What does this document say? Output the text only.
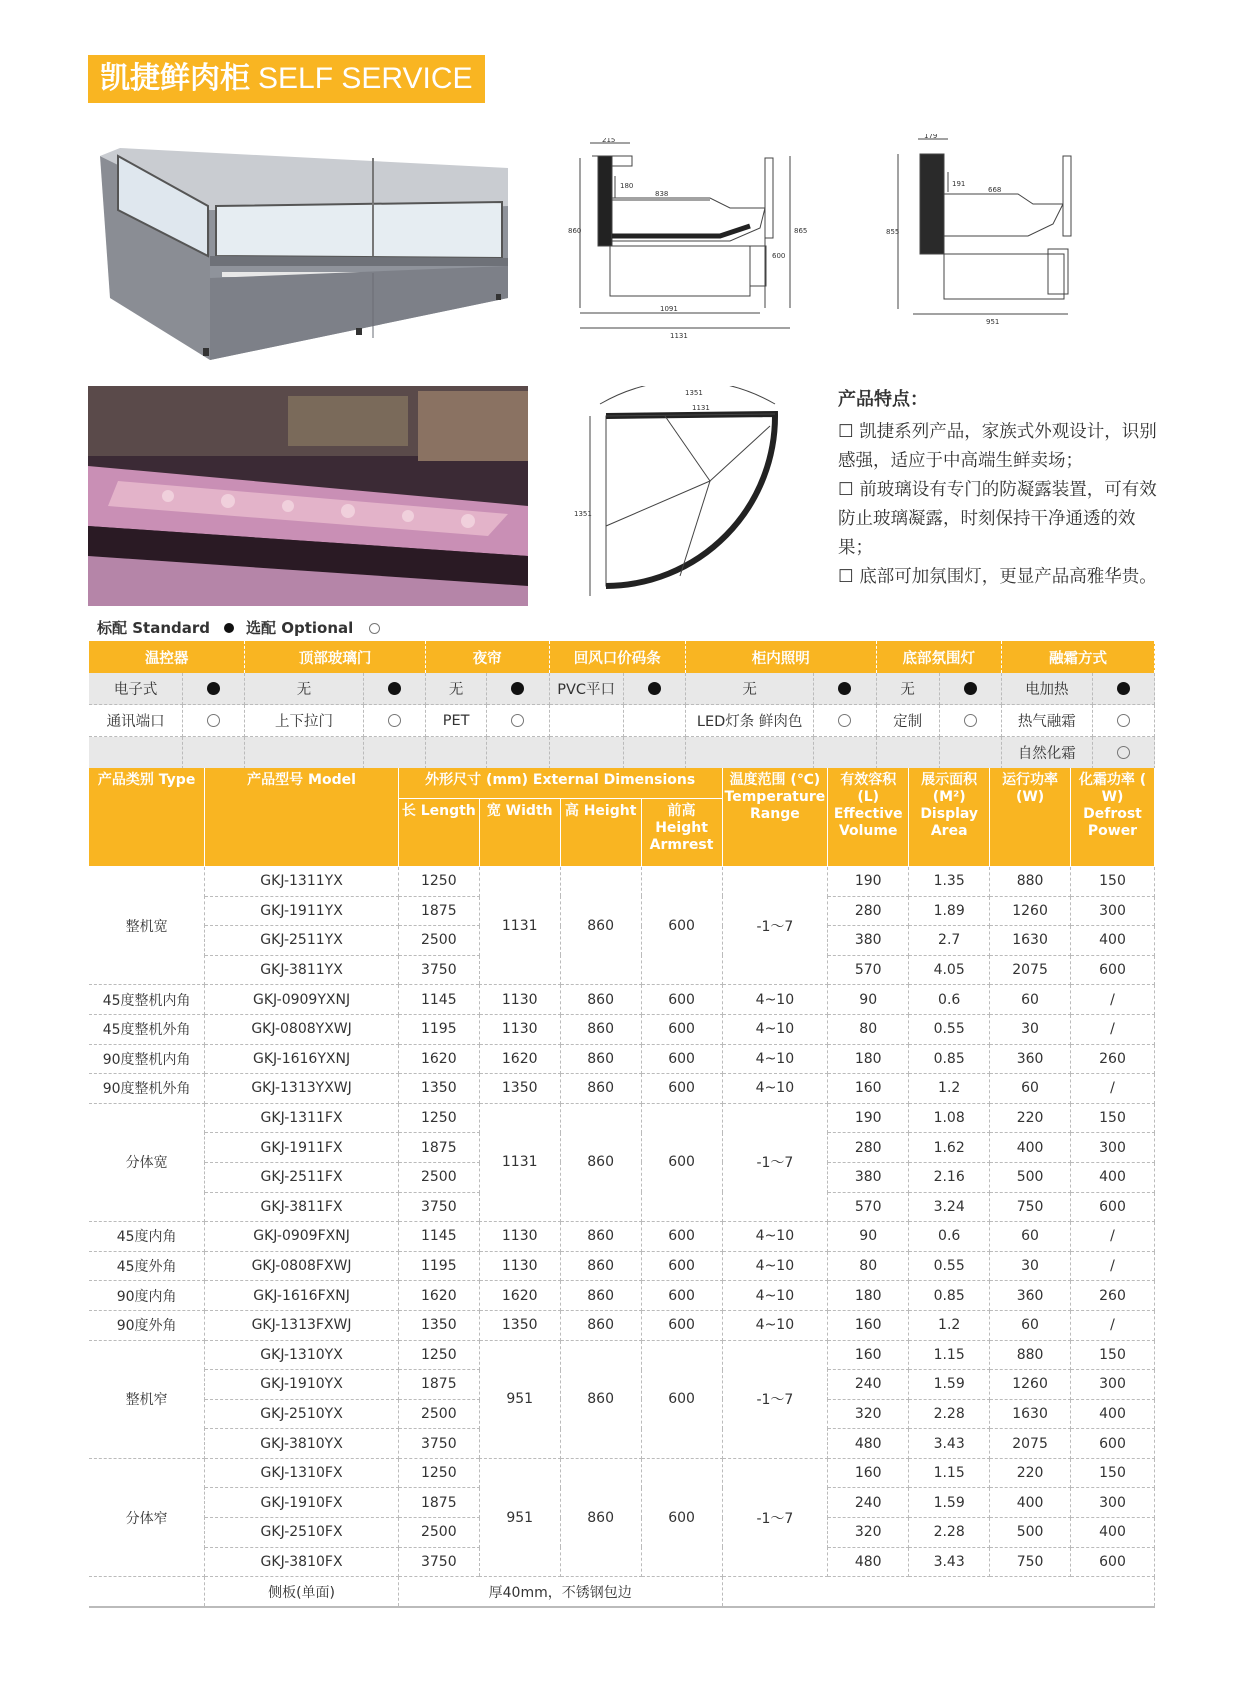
凯捷鲜肉柜 SELF SERVICE
215
180
838
860
600
865
1091
1131
179
191
668
855
951
1351
1131
1351
产品特点：
☐ 凯捷系列产品，家族式外观设计，识别感强，适应于中高端生鲜卖场；
☐ 前玻璃设有专门的防凝露装置，可有效防止玻璃凝露，时刻保持干净通透的效果；
☐ 底部可加氛围灯，更显产品高雅华贵。
标配 Standard 选配 Optional
温控器		顶部玻璃门		夜帘		回风口价码条		柜内照明		底部氛围灯		融霜方式	
电子式		无		无		PVC平口		无		无		电加热	
通讯端口		上下拉门		PET				LED灯条 鲜肉色		定制		热气融霜	
												自然化霜	
产品类别 Type	产品型号 Model	外形尺寸 (mm) External Dimensions				温度范围 (℃) Temperature Range	有效容积 (L) Effective Volume	展示面积 (M²) Display Area	运行功率 (W)	化霜功率 ( W) Defrost Power
		长 Length	宽 Width	高 Height	前高 Height Armrest					
整机宽	GKJ-1311YX	1250	1131	860	600	-1～7	190	1.35	880	150
	GKJ-1911YX	1875					280	1.89	1260	300
	GKJ-2511YX	2500					380	2.7	1630	400
	GKJ-3811YX	3750					570	4.05	2075	600
45度整机内角	GKJ-0909YXNJ	1145	1130	860	600	4~10	90	0.6	60	/
45度整机外角	GKJ-0808YXWJ	1195	1130	860	600	4~10	80	0.55	30	/
90度整机内角	GKJ-1616YXNJ	1620	1620	860	600	4~10	180	0.85	360	260
90度整机外角	GKJ-1313YXWJ	1350	1350	860	600	4~10	160	1.2	60	/
分体宽	GKJ-1311FX	1250	1131	860	600	-1～7	190	1.08	220	150
	GKJ-1911FX	1875					280	1.62	400	300
	GKJ-2511FX	2500					380	2.16	500	400
	GKJ-3811FX	3750					570	3.24	750	600
45度内角	GKJ-0909FXNJ	1145	1130	860	600	4~10	90	0.6	60	/
45度外角	GKJ-0808FXWJ	1195	1130	860	600	4~10	80	0.55	30	/
90度内角	GKJ-1616FXNJ	1620	1620	860	600	4~10	180	0.85	360	260
90度外角	GKJ-1313FXWJ	1350	1350	860	600	4~10	160	1.2	60	/
整机窄	GKJ-1310YX	1250	951	860	600	-1～7	160	1.15	880	150
	GKJ-1910YX	1875					240	1.59	1260	300
	GKJ-2510YX	2500					320	2.28	1630	400
	GKJ-3810YX	3750					480	3.43	2075	600
分体窄	GKJ-1310FX	1250	951	860	600	-1～7	160	1.15	220	150
	GKJ-1910FX	1875					240	1.59	400	300
	GKJ-2510FX	2500					320	2.28	500	400
	GKJ-3810FX	3750					480	3.43	750	600
	侧板(单面)	厚40mm，不锈钢包边								
